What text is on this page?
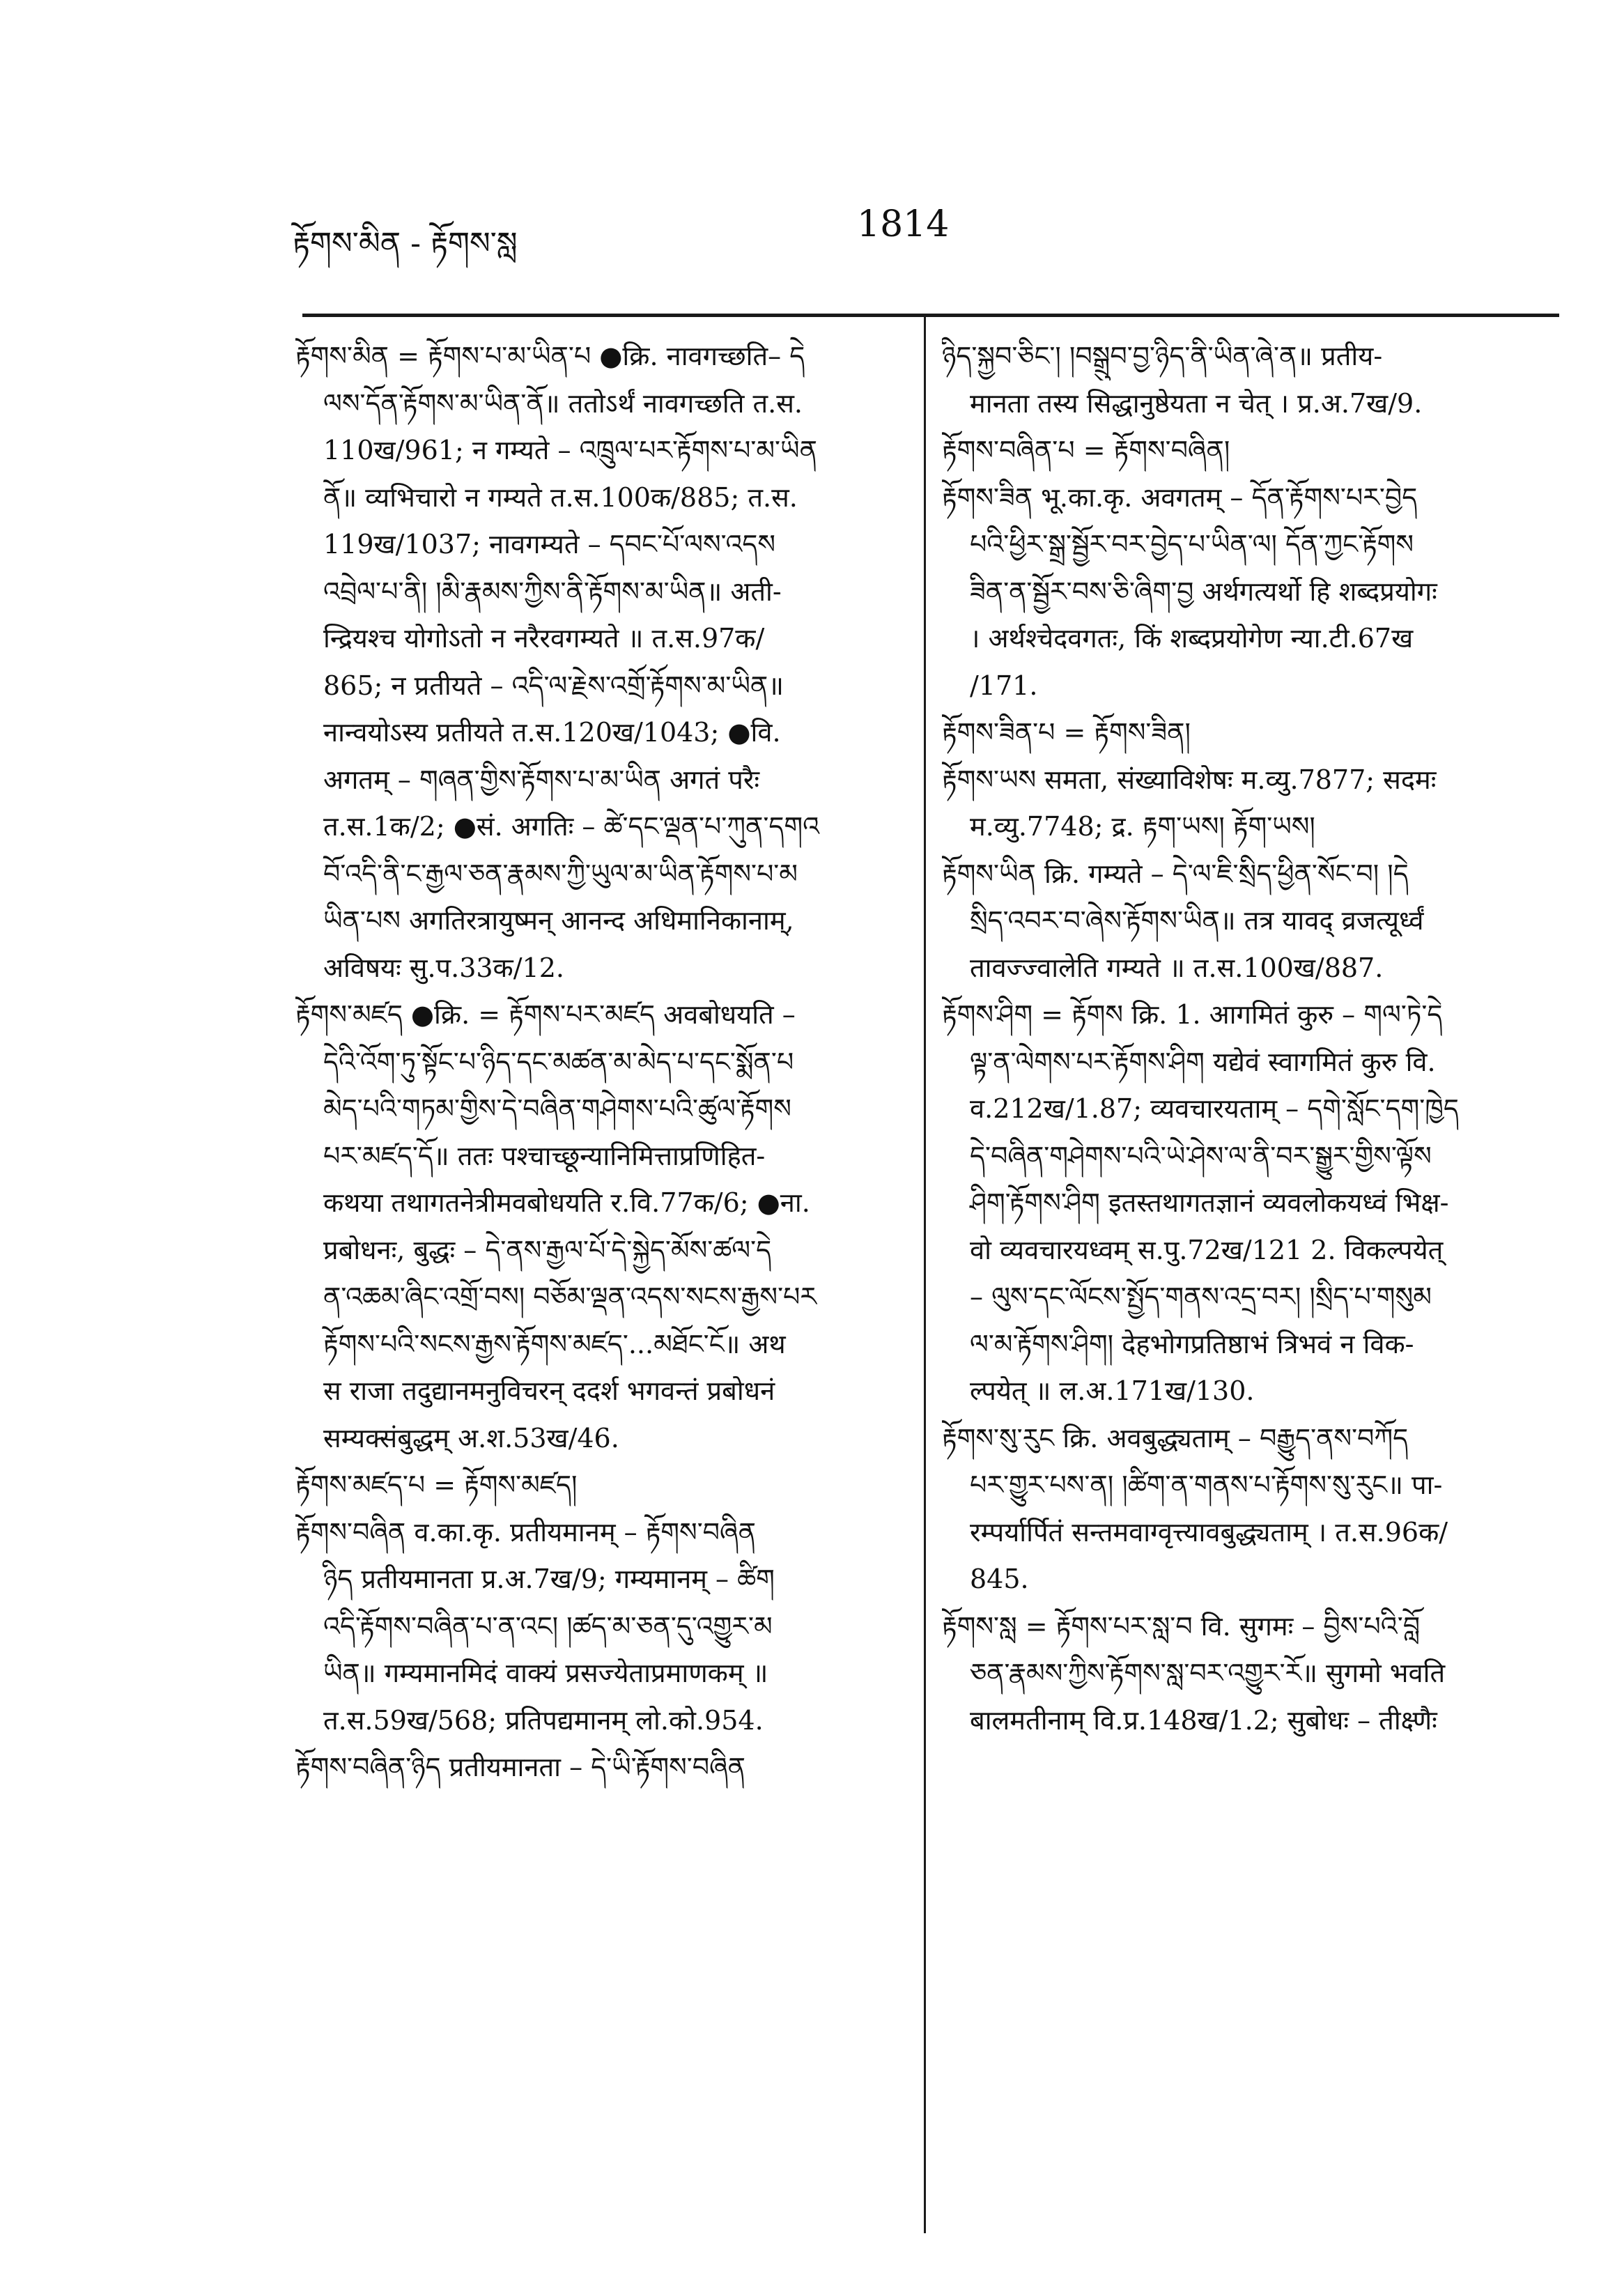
རྟོགས་མིན - རྟོགས་སླ	1814
རྟོགས་མིན = རྟོགས་པ་མ་ཡིན་པ ●क्रि. नावगच्छति– དེ
ལས་དོན་རྟོགས་མ་ཡིན་ནོ॥ ततोऽर्थं नावगच्छति त.स.
110ख/961; न गम्यते – འཁྲུལ་པར་རྟོགས་པ་མ་ཡིན
ནོ॥ व्यभिचारो न गम्यते त.स.100क/885; त.स.
119ख/1037; नावगम्यते – དབང་པོ་ལས་འདས
འབྲེལ་པ་ནི། །མི་རྣམས་ཀྱིས་ནི་རྟོགས་མ་ཡིན॥ अती-
न्द्रियश्च योगोऽतो न नरैरवगम्यते ॥ त.स.97क/
865; न प्रतीयते – འདི་ལ་རྗེས་འགྲོ་རྟོགས་མ་ཡིན॥
नान्वयोऽस्य प्रतीयते त.स.120ख/1043; ●वि.
अगतम् – གཞན་གྱིས་རྟོགས་པ་མ་ཡིན अगतं परैः
त.स.1क/2; ●सं. अगतिः – ཚེ་དང་ལྡན་པ་ཀུན་དགའ
བོ་འདི་ནི་ང་རྒྱལ་ཅན་རྣམས་ཀྱི་ཡུལ་མ་ཡིན་རྟོགས་པ་མ
ཡིན་པས अगतिरत्रायुष्मन् आनन्द अधिमानिकानाम्,
अविषयः सु.प.33क/12.
རྟོགས་མཛད ●क्रि. = རྟོགས་པར་མཛད अवबोधयति –
དེའི་འོག་ཏུ་སྟོང་པ་ཉིད་དང་མཚན་མ་མེད་པ་དང་སྨོན་པ
མེད་པའི་གཏམ་གྱིས་དེ་བཞིན་གཤེགས་པའི་ཚུལ་རྟོགས
པར་མཛད་དོ॥ ततः पश्चाच्छून्यानिमित्ताप्रणिहित-
कथया तथागतनेत्रीमवबोधयति र.वि.77क/6; ●ना.
प्रबोधनः, बुद्धः – དེ་ནས་རྒྱལ་པོ་དེ་སྐྱེད་མོས་ཚལ་དེ
ན་འཆམ་ཞིང་འགྲོ་བས། བཅོམ་ལྡན་འདས་སངས་རྒྱས་པར
རྟོགས་པའི་སངས་རྒྱས་རྟོགས་མཛད་...མཐོང་ངོ॥ अथ
स राजा तदुद्यानमनुविचरन् ददर्श भगवन्तं प्रबोधनं
सम्यक्संबुद्धम् अ.श.53ख/46.
རྟོགས་མཛད་པ = རྟོགས་མཛད།
རྟོགས་བཞིན व.का.कृ. प्रतीयमानम् – རྟོགས་བཞིན
ཉིད प्रतीयमानता प्र.अ.7ख/9; गम्यमानम् – ཚིག
འདི་རྟོགས་བཞིན་པ་ན་འང། །ཚད་མ་ཅན་དུ་འགྱུར་མ
ཡིན॥ गम्यमानमिदं वाक्यं प्रसज्येताप्रमाणकम् ॥
त.स.59ख/568; प्रतिपद्यमानम् लो.को.954.
རྟོགས་བཞིན་ཉིད प्रतीयमानता – དེ་ཡི་རྟོགས་བཞིན
ཉིད་སྐྱབ་ཅིང་། །བསྒྲུབ་བྱ་ཉིད་ནི་ཡིན་ཞེ་ན॥ प्रतीय-
मानता तस्य सिद्धानुष्ठेयता न चेत् । प्र.अ.7ख/9.
རྟོགས་བཞིན་པ = རྟོགས་བཞིན།
རྟོགས་ཟིན भू.का.कृ. अवगतम् – དོན་རྟོགས་པར་བྱེད
པའི་ཕྱིར་སྒྲ་སྦྱོར་བར་བྱེད་པ་ཡིན་ལ། དོན་ཀྱང་རྟོགས
ཟིན་ན་སྦྱོར་བས་ཅི་ཞིག་བྱ अर्थगत्यर्थो हि शब्दप्रयोगः
। अर्थश्चेदवगतः, किं शब्दप्रयोगेण न्या.टी.67ख
/171.
རྟོགས་ཟིན་པ = རྟོགས་ཟིན།
རྟོགས་ཡས समता, संख्याविशेषः म.व्यु.7877; सदमः
म.व्यु.7748; द्र. རྟག་ཡས། རྟོག་ཡས།
རྟོགས་ཡིན क्रि. गम्यते – དེ་ལ་ཇི་སྲིད་ཕྱིན་སོང་བ། །དེ
སྲིད་འབར་བ་ཞེས་རྟོགས་ཡིན॥ तत्र यावद् व्रजत्यूर्ध्वं
तावज्ज्वालेति गम्यते ॥ त.स.100ख/887.
རྟོགས་ཤིག = རྟོགས क्रि. 1. आगमितं कुरु – གལ་ཏེ་དེ
ལྟ་ན་ལེགས་པར་རྟོགས་ཤིག यद्येवं स्वागमितं कुरु वि.
व.212ख/1.87; व्यवचारयताम् – དགེ་སློང་དག་ཁྱེད
དེ་བཞིན་གཤེགས་པའི་ཡེ་ཤེས་ལ་ནི་བར་སྒྱུར་གྱིས་ལྟོས
ཤིག་རྟོགས་ཤིག इतस्तथागतज्ञानं व्यवलोकयध्वं भिक्ष-
वो व्यवचारयध्वम् स.पु.72ख/121 2. विकल्पयेत्
– ལུས་དང་ལོངས་སྤྱོད་གནས་འདྲ་བར། །སྲིད་པ་གསུམ
ལ་མ་རྟོགས་ཤིག། देहभोगप्रतिष्ठाभं त्रिभवं न विक-
ल्पयेत् ॥ ल.अ.171ख/130.
རྟོགས་སུ་རུང क्रि. अवबुद्ध्यताम् – བརྒྱུད་ནས་བཀོད
པར་གྱུར་པས་ན། །ཚིག་ན་གནས་པ་རྟོགས་སུ་རུང॥ पा-
रम्पर्यार्पितं सन्तमवाग्वृत्त्यावबुद्ध्यताम् । त.स.96क/
845.
རྟོགས་སླ = རྟོགས་པར་སླ་བ वि. सुगमः – བྱིས་པའི་བློ
ཅན་རྣམས་ཀྱིས་རྟོགས་སླ་བར་འགྱུར་རོ॥ सुगमो भवति
बालमतीनाम् वि.प्र.148ख/1.2; सुबोधः – तीक्ष्णैः
